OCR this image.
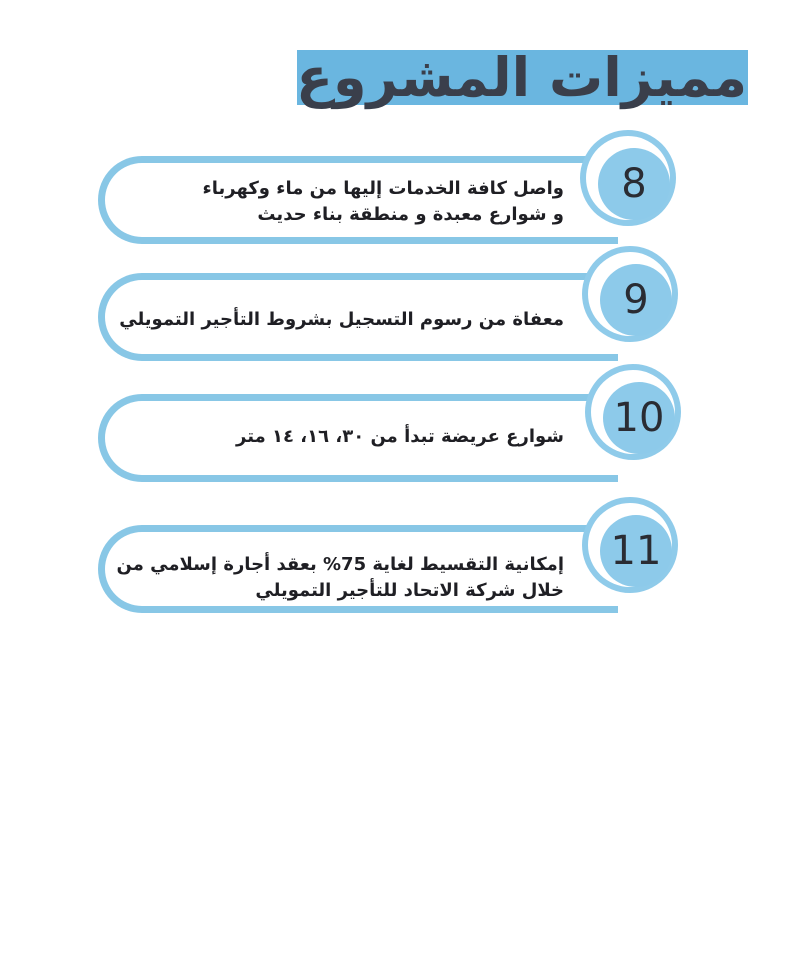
مميزات المشروع
واصل كافة الخدمات إليها من ماء وكهرباء
و شوارع معبدة و منطقة بناء حديث
8
معفاة من رسوم التسجيل بشروط التأجير التمويلي	9
شوارع عريضة تبدأ من ٣٠، ١٦، ١٤ متر 10
إمكانية التقسيط لغاية 75% بعقد أجارة إسلامي من
خلال شركة الاتحاد للتأجير التمويلي
11
